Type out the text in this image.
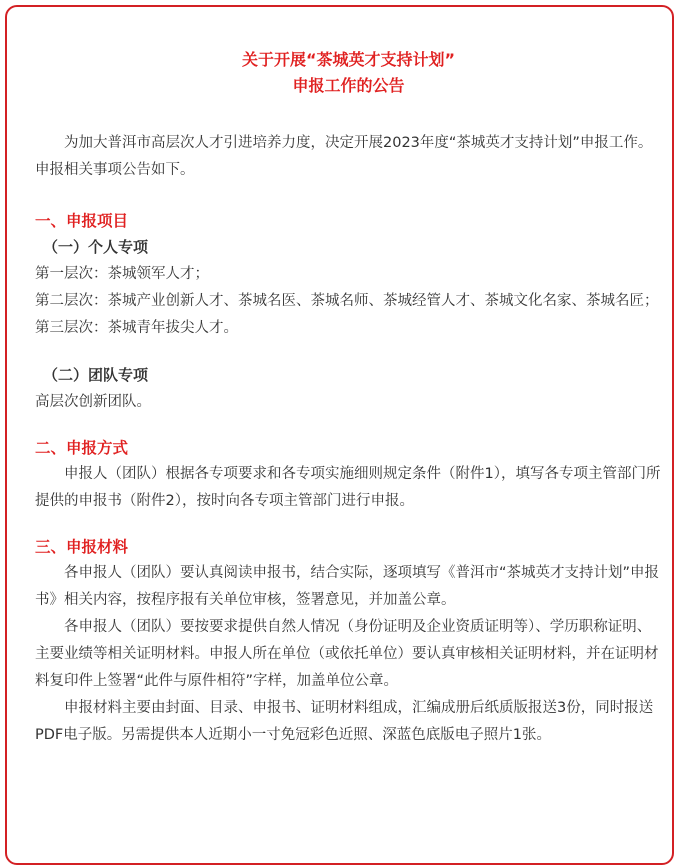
关于开展“茶城英才支持计划”

申报工作的公告

为加大普洱市高层次人才引进培养力度，决定开展2023年度“茶城英才支持计划”申报工作。申报相关事项公告如下。

一、申报项目

（一）个人专项

第一层次：茶城领军人才；

第二层次：茶城产业创新人才、茶城名医、茶城名师、茶城经管人才、茶城文化名家、茶城名匠；

第三层次：茶城青年拔尖人才。

（二）团队专项

高层次创新团队。

二、申报方式

申报人（团队）根据各专项要求和各专项实施细则规定条件（附件1），填写各专项主管部门所提供的申报书（附件2），按时向各专项主管部门进行申报。

三、申报材料

各申报人（团队）要认真阅读申报书，结合实际，逐项填写《普洱市“茶城英才支持计划”申报书》相关内容，按程序报有关单位审核，签署意见，并加盖公章。

各申报人（团队）要按要求提供自然人情况（身份证明及企业资质证明等）、学历职称证明、主要业绩等相关证明材料。申报人所在单位（或依托单位）要认真审核相关证明材料，并在证明材料复印件上签署“此件与原件相符”字样，加盖单位公章。

申报材料主要由封面、目录、申报书、证明材料组成，汇编成册后纸质版报送3份，同时报送PDF电子版。另需提供本人近期小一寸免冠彩色近照、深蓝色底版电子照片1张。
